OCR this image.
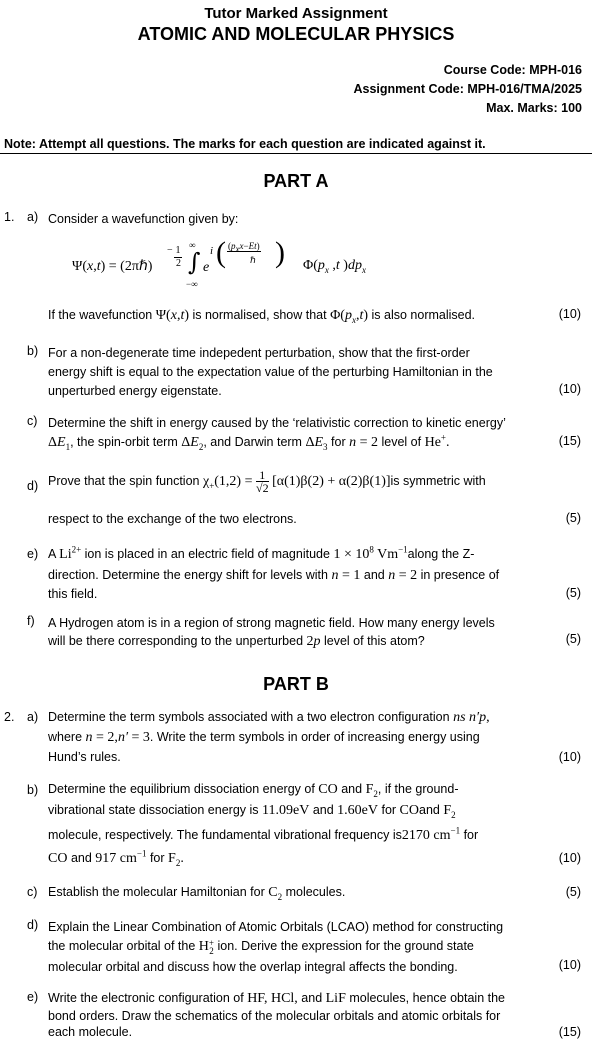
Tutor Marked Assignment
ATOMIC AND MOLECULAR PHYSICS
Course Code: MPH-016
Assignment Code: MPH-016/TMA/2025
Max. Marks: 100
Note: Attempt all questions. The marks for each question are indicated against it.
PART A
1. a) Consider a wavefunction given by:
Ψ(x,t) = (2πℏ)
1

−
2
∞
∫
−∞
e
i ( $(p_xx-Et)$
ℏ ) $\Phi(p_x$ ,t )$dp_x$
If the wavefunction Ψ(x,t) is normalised, show that $\Phi(p_x,t)$ is also normalised.	(10)
b) For a non-degenerate time indepedent perturbation, show that the first-order
energy shift is equal to the expectation value of the perturbing Hamiltonian in the
unperturbed energy eigenstate.	(10)
c) Determine the shift in energy caused by the ‘relativistic correction to kinetic energy’
$\Delta E_1$, the spin-orbit term $\Delta E_2$, and Darwin term $\Delta E_3$ for n = 2 level of He+.	(15)
d) Prove that the spin function $\chi_+(1,2) = \frac{1}{√2} [\alpha(1)\beta(2) + \alpha(2)\beta(1)]is$ symmetric with
respect to the exchange of the two electrons.	(5)
e) A $Li^{2+}$ ion is placed in an electric field of magnitude $1 \times 10^8$ $Vm^{-1}along$ the Z-
direction. Determine the energy shift for levels with n = 1 and n = 2 in presence of
this field.	(5)
f) A Hydrogen atom is in a region of strong magnetic field. How many energy levels
will be there corresponding to the unperturbed 2p level of this atom?	(5)
PART B
2. a) Determine the term symbols associated with a two electron configuration ns n′p,
where n = 2,n′ = 3. Write the term symbols in order of increasing energy using
Hund’s rules.	(10)
b) Determine the equilibrium dissociation energy of CO and $F_2$, if the ground-
vibrational state dissociation energy is 11.09eV and 1.60eV for COand $F_2$
molecule, respectively. The fundamental vibrational frequency is2170 $cm^{-1}$ for
CO and 917 $cm^{-1}$ for $F_2$.	(10)
c) Establish the molecular Hamiltonian for $C_2$ molecules.	(5)
d) Explain the Linear Combination of Atomic Orbitals (LCAO) method for constructing
the molecular orbital of the H+
2 ion. Derive the expression for the ground state
molecular orbital and discuss how the overlap integral affects the bonding.	(10)
e) Write the electronic configuration of HF, HCl, and LiF molecules, hence obtain the
bond orders. Draw the schematics of the molecular orbitals and atomic orbitals for
each molecule.	(15)
